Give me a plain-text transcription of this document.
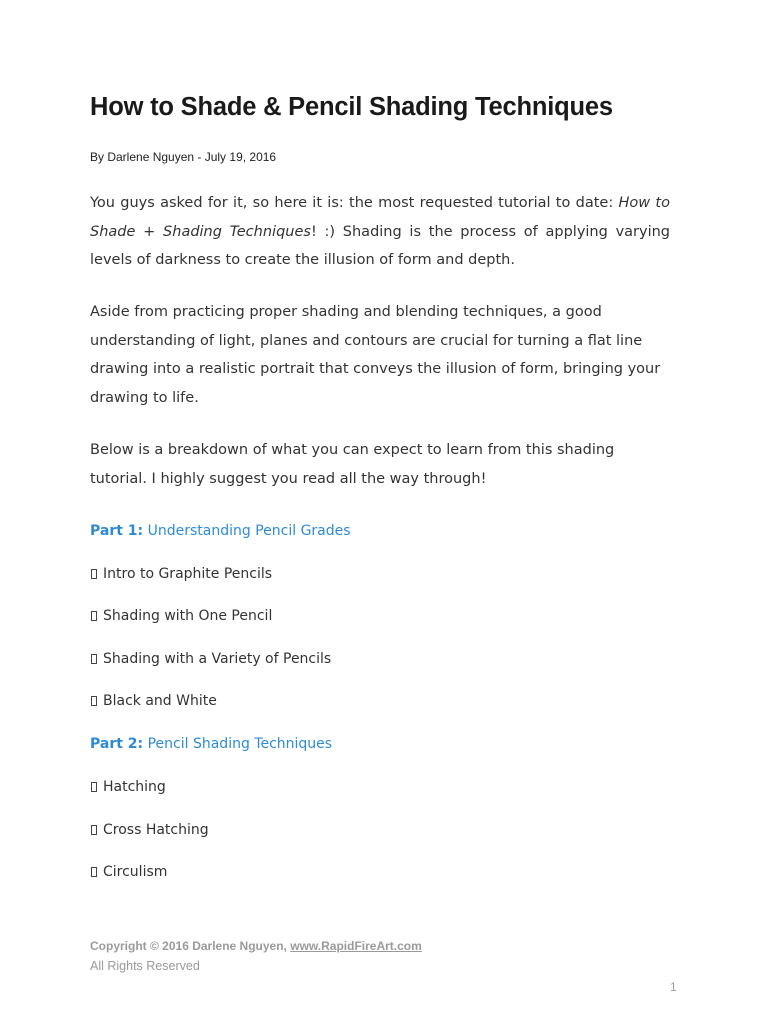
How to Shade & Pencil Shading Techniques

By Darlene Nguyen - July 19, 2016

You guys asked for it, so here it is: the most requested tutorial to date: How to Shade + Shading Techniques! :) Shading is the process of applying varying levels of darkness to create the illusion of form and depth.

Aside from practicing proper shading and blending techniques, a good understanding of light, planes and contours are crucial for turning a flat line drawing into a realistic portrait that conveys the illusion of form, bringing your drawing to life.

Below is a breakdown of what you can expect to learn from this shading tutorial. I highly suggest you read all the way through!

Part 1: Understanding Pencil Grades

Intro to Graphite Pencils

Shading with One Pencil

Shading with a Variety of Pencils

Black and White

Part 2: Pencil Shading Techniques

Hatching

Cross Hatching

Circulism

Copyright © 2016 Darlene Nguyen, www.RapidFireArt.com

All Rights Reserved

1
